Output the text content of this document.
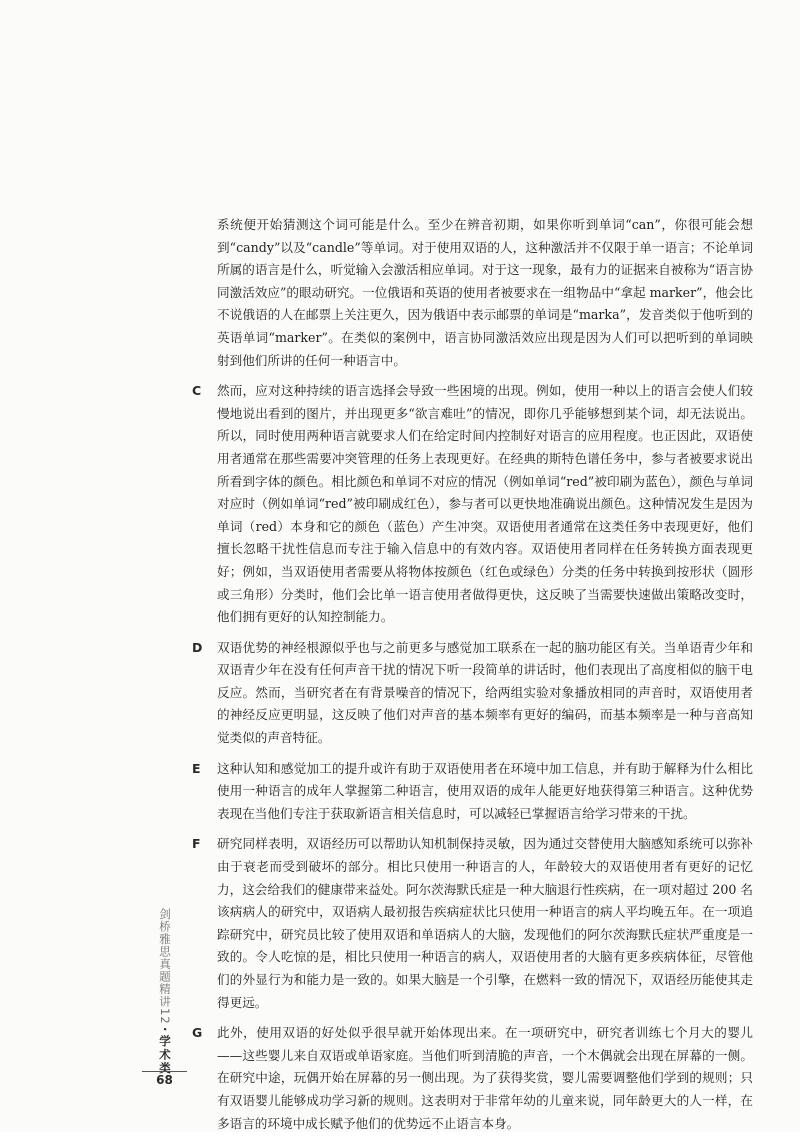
系统便开始猜测这个词可能是什么。至少在辨音初期，如果你听到单词“can”，你很可能会想到“candy”以及“candle”等单词。对于使用双语的人，这种激活并不仅限于单一语言；不论单词所属的语言是什么，听觉输入会激活相应单词。对于这一现象，最有力的证据来自被称为“语言协同激活效应”的眼动研究。一位俄语和英语的使用者被要求在一组物品中“拿起 marker”，他会比不说俄语的人在邮票上关注更久，因为俄语中表示邮票的单词是“marka”，发音类似于他听到的英语单词“marker”。在类似的案例中，语言协同激活效应出现是因为人们可以把听到的单词映射到他们所讲的任何一种语言中。

C 然而，应对这种持续的语言选择会导致一些困境的出现。例如，使用一种以上的语言会使人们较慢地说出看到的图片，并出现更多“欲言难吐”的情况，即你几乎能够想到某个词，却无法说出。所以，同时使用两种语言就要求人们在给定时间内控制好对语言的应用程度。也正因此，双语使用者通常在那些需要冲突管理的任务上表现更好。在经典的斯特色谱任务中，参与者被要求说出所看到字体的颜色。相比颜色和单词不对应的情况（例如单词“red”被印刷为蓝色），颜色与单词对应时（例如单词“red”被印刷成红色），参与者可以更快地准确说出颜色。这种情况发生是因为单词（red）本身和它的颜色（蓝色）产生冲突。双语使用者通常在这类任务中表现更好，他们擅长忽略干扰性信息而专注于输入信息中的有效内容。双语使用者同样在任务转换方面表现更好；例如，当双语使用者需要从将物体按颜色（红色或绿色）分类的任务中转换到按形状（圆形或三角形）分类时，他们会比单一语言使用者做得更快，这反映了当需要快速做出策略改变时，他们拥有更好的认知控制能力。

D 双语优势的神经根源似乎也与之前更多与感觉加工联系在一起的脑功能区有关。当单语青少年和双语青少年在没有任何声音干扰的情况下听一段简单的讲话时，他们表现出了高度相似的脑干电反应。然而，当研究者在有背景噪音的情况下，给两组实验对象播放相同的声音时，双语使用者的神经反应更明显，这反映了他们对声音的基本频率有更好的编码，而基本频率是一种与音高知觉类似的声音特征。

E 这种认知和感觉加工的提升或许有助于双语使用者在环境中加工信息，并有助于解释为什么相比使用一种语言的成年人掌握第二种语言，使用双语的成年人能更好地获得第三种语言。这种优势表现在当他们专注于获取新语言相关信息时，可以减轻已掌握语言给学习带来的干扰。

F 研究同样表明，双语经历可以帮助认知机制保持灵敏，因为通过交替使用大脑感知系统可以弥补由于衰老而受到破坏的部分。相比只使用一种语言的人，年龄较大的双语使用者有更好的记忆力，这会给我们的健康带来益处。阿尔茨海默氏症是一种大脑退行性疾病，在一项对超过 200 名该病病人的研究中，双语病人最初报告疾病症状比只使用一种语言的病人平均晚五年。在一项追踪研究中，研究员比较了使用双语和单语病人的大脑，发现他们的阿尔茨海默氏症状严重度是一致的。令人吃惊的是，相比只使用一种语言的病人，双语使用者的大脑有更多疾病体征，尽管他们的外显行为和能力是一致的。如果大脑是一个引擎，在燃料一致的情况下，双语经历能使其走得更远。

G 此外，使用双语的好处似乎很早就开始体现出来。在一项研究中，研究者训练七个月大的婴儿——这些婴儿来自双语或单语家庭。当他们听到清脆的声音，一个木偶就会出现在屏幕的一侧。在研究中途，玩偶开始在屏幕的另一侧出现。为了获得奖赏，婴儿需要调整他们学到的规则；只有双语婴儿能够成功学习新的规则。这表明对于非常年幼的儿童来说，同年龄更大的人一样，在多语言的环境中成长赋予他们的优势远不止语言本身。

剑桥雅思真题精讲12
·
学术类
68
